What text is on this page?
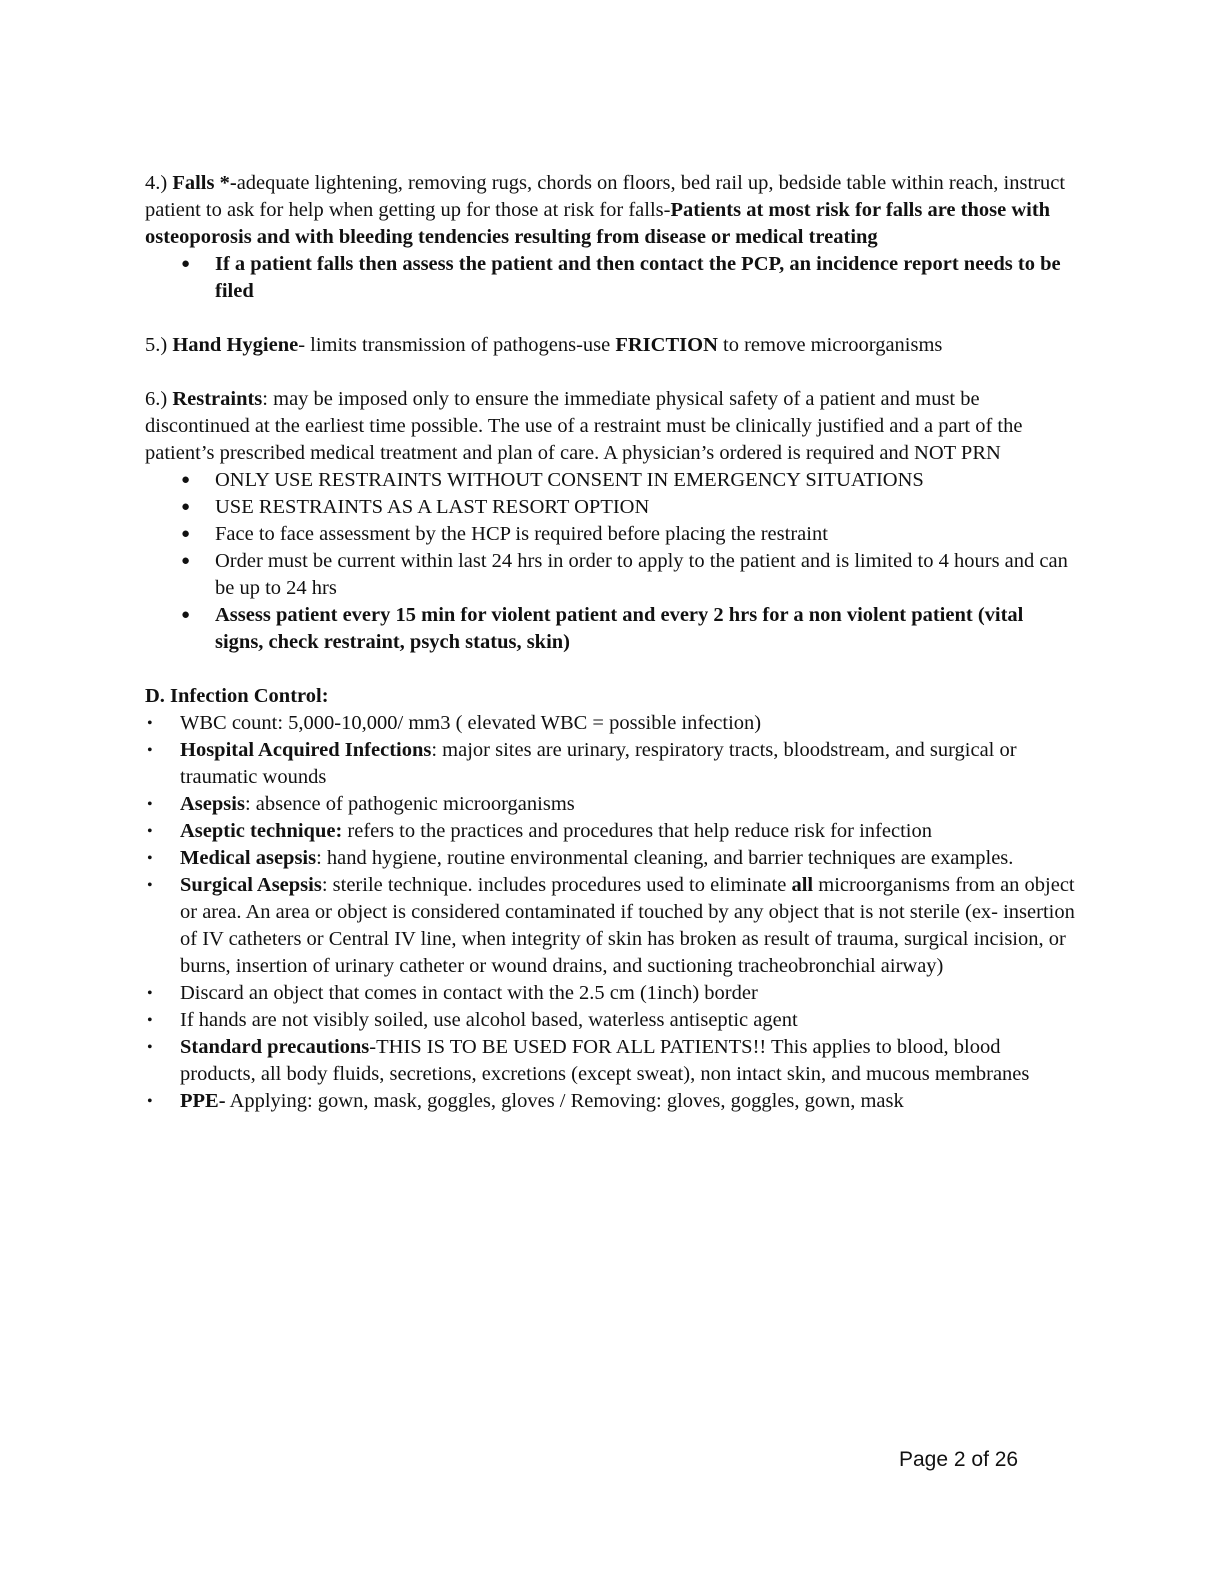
4.) Falls *-adequate lightening, removing rugs, chords on floors, bed rail up, bedside table within reach, instruct patient to ask for help when getting up for those at risk for falls-Patients at most risk for falls are those with osteoporosis and with bleeding tendencies resulting from disease or medical treating

● If a patient falls then assess the patient and then contact the PCP, an incidence report needs to be filed

5.) Hand Hygiene- limits transmission of pathogens-use FRICTION to remove microorganisms

6.) Restraints: may be imposed only to ensure the immediate physical safety of a patient and must be discontinued at the earliest time possible. The use of a restraint must be clinically justified and a part of the patient’s prescribed medical treatment and plan of care. A physician’s ordered is required and NOT PRN

● ONLY USE RESTRAINTS WITHOUT CONSENT IN EMERGENCY SITUATIONS
● USE RESTRAINTS AS A LAST RESORT OPTION
● Face to face assessment by the HCP is required before placing the restraint
● Order must be current within last 24 hrs in order to apply to the patient and is limited to 4 hours and can be up to 24 hrs
● Assess patient every 15 min for violent patient and every 2 hrs for a non violent patient (vital signs, check restraint, psych status, skin)

D. Infection Control:

• WBC count: 5,000-10,000/ mm3 ( elevated WBC = possible infection)
• Hospital Acquired Infections: major sites are urinary, respiratory tracts, bloodstream, and surgical or traumatic wounds
• Asepsis: absence of pathogenic microorganisms
• Aseptic technique: refers to the practices and procedures that help reduce risk for infection
• Medical asepsis: hand hygiene, routine environmental cleaning, and barrier techniques are examples.
• Surgical Asepsis: sterile technique. includes procedures used to eliminate all microorganisms from an object or area. An area or object is considered contaminated if touched by any object that is not sterile (ex- insertion of IV catheters or Central IV line, when integrity of skin has broken as result of trauma, surgical incision, or burns, insertion of urinary catheter or wound drains, and suctioning tracheobronchial airway)
• Discard an object that comes in contact with the 2.5 cm (1inch) border
• If hands are not visibly soiled, use alcohol based, waterless antiseptic agent
• Standard precautions-THIS IS TO BE USED FOR ALL PATIENTS!! This applies to blood, blood products, all body fluids, secretions, excretions (except sweat), non intact skin, and mucous membranes
• PPE- Applying: gown, mask, goggles, gloves / Removing: gloves, goggles, gown, mask
Page 2 of 26
